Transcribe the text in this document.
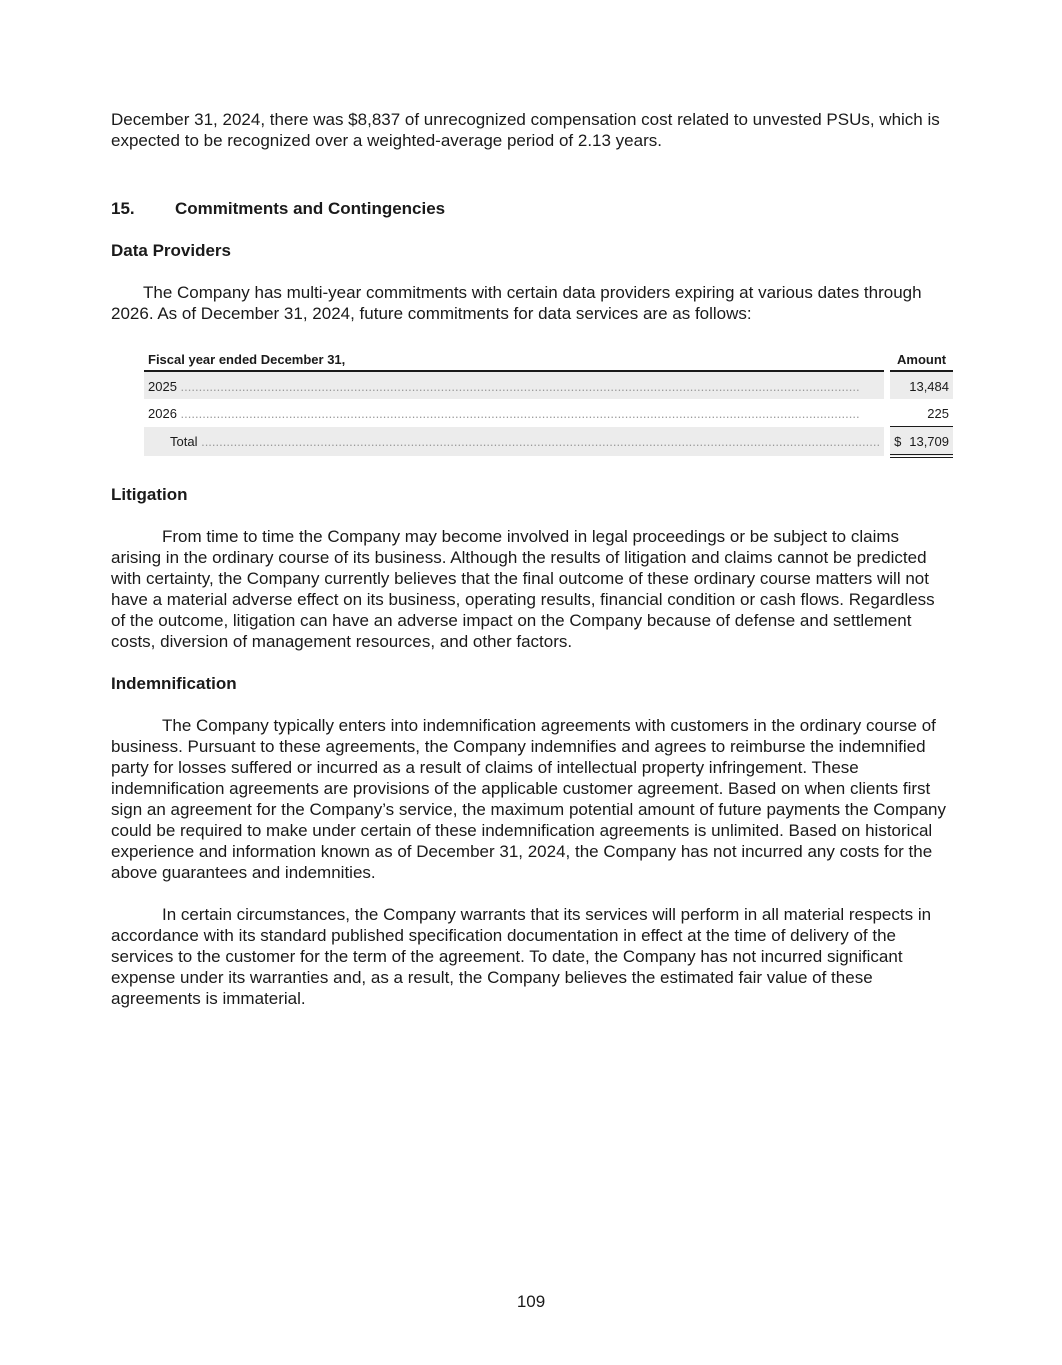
December 31, 2024, there was $8,837 of unrecognized compensation cost related to unvested PSUs, which is expected to be recognized over a weighted-average period of 2.13 years.

15. Commitments and Contingencies
Data Providers

The Company has multi-year commitments with certain data providers expiring at various dates through 2026. As of December 31, 2024, future commitments for data services are as follows:

Fiscal year ended December 31,	Amount
2025 ............................................................................................................................................................................................	13,484
2026 ............................................................................................................................................................................................	225
Total ............................................................................................................................................................................................	$ 13,709
Litigation

From time to time the Company may become involved in legal proceedings or be subject to claims arising in the ordinary course of its business. Although the results of litigation and claims cannot be predicted with certainty, the Company currently believes that the final outcome of these ordinary course matters will not have a material adverse effect on its business, operating results, financial condition or cash flows. Regardless of the outcome, litigation can have an adverse impact on the Company because of defense and settlement costs, diversion of management resources, and other factors.

Indemnification

The Company typically enters into indemnification agreements with customers in the ordinary course of business. Pursuant to these agreements, the Company indemnifies and agrees to reimburse the indemnified party for losses suffered or incurred as a result of claims of intellectual property infringement. These indemnification agreements are provisions of the applicable customer agreement. Based on when clients first sign an agreement for the Company’s service, the maximum potential amount of future payments the Company could be required to make under certain of these indemnification agreements is unlimited. Based on historical experience and information known as of December 31, 2024, the Company has not incurred any costs for the above guarantees and indemnities.

In certain circumstances, the Company warrants that its services will perform in all material respects in accordance with its standard published specification documentation in effect at the time of delivery of the services to the customer for the term of the agreement. To date, the Company has not incurred significant expense under its warranties and, as a result, the Company believes the estimated fair value of these agreements is immaterial.

109
